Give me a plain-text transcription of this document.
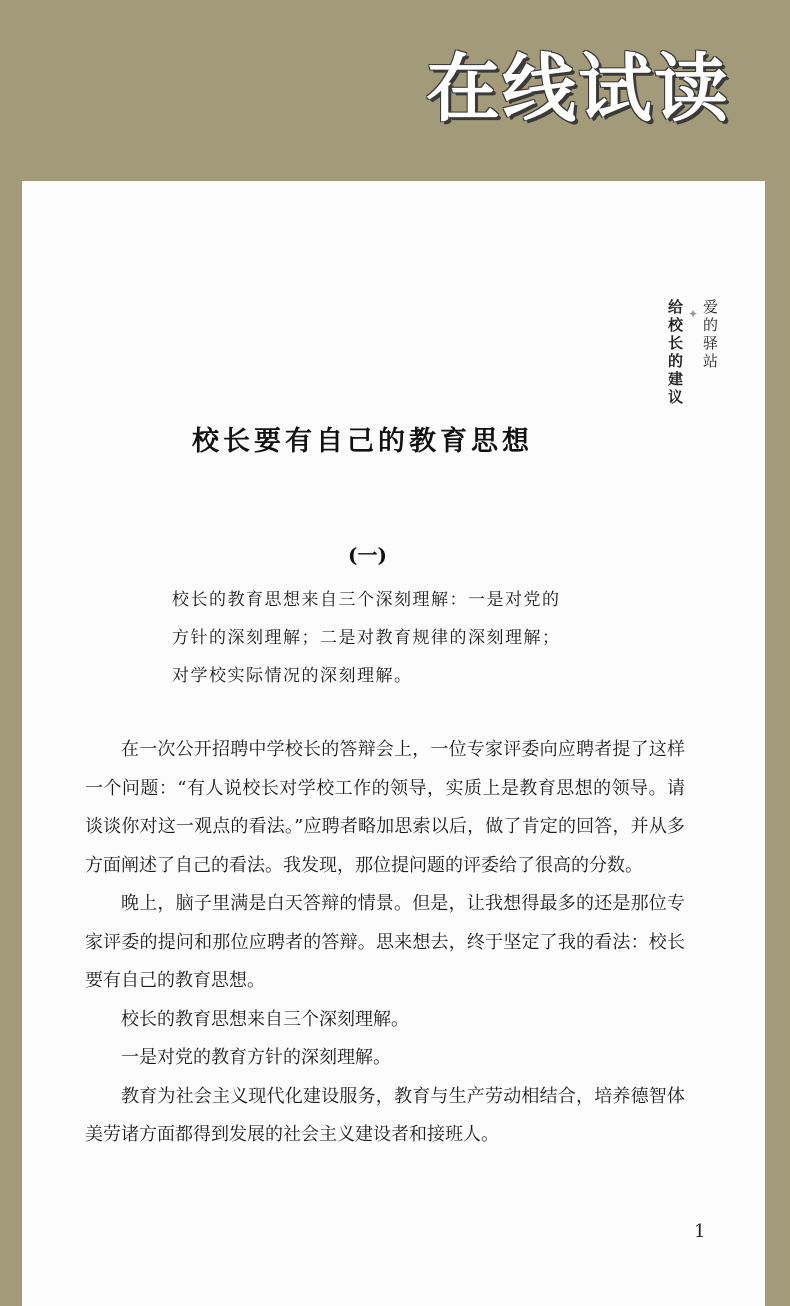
在线试读
爱的驿站
✦
给校长的建议
校长要有自己的教育思想
(一)

校长的教育思想来自三个深刻理解：一是对党的

方针的深刻理解；二是对教育规律的深刻理解；

对学校实际情况的深刻理解。

在一次公开招聘中学校长的答辩会上，一位专家评委向应聘者提了这样一个问题：“有人说校长对学校工作的领导，实质上是教育思想的领导。请谈谈你对这一观点的看法。”应聘者略加思索以后，做了肯定的回答，并从多方面阐述了自己的看法。我发现，那位提问题的评委给了很高的分数。

晚上，脑子里满是白天答辩的情景。但是，让我想得最多的还是那位专家评委的提问和那位应聘者的答辩。思来想去，终于坚定了我的看法：校长要有自己的教育思想。

校长的教育思想来自三个深刻理解。

一是对党的教育方针的深刻理解。

教育为社会主义现代化建设服务，教育与生产劳动相结合，培养德智体美劳诸方面都得到发展的社会主义建设者和接班人。

1
